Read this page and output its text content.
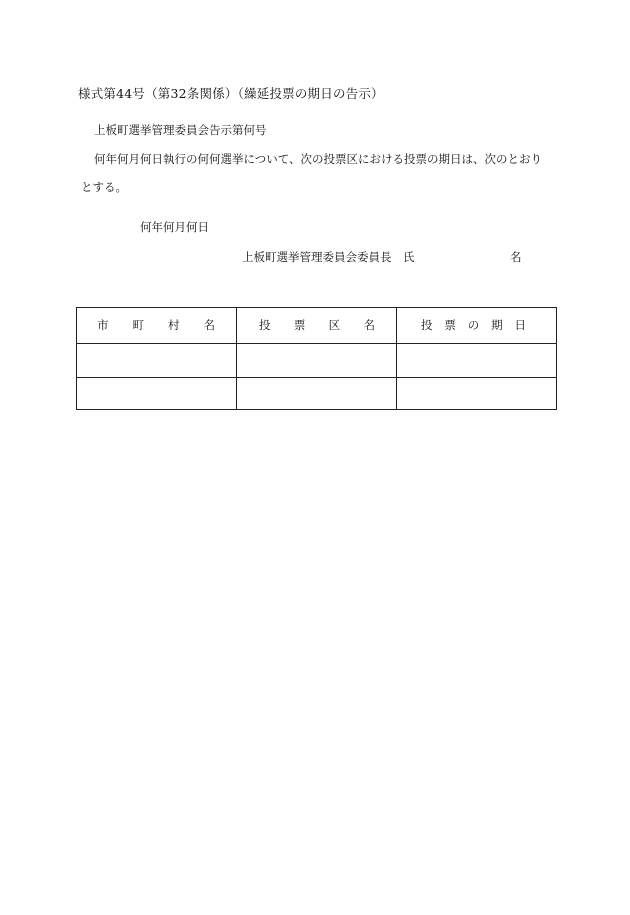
様式第44号（第32条関係）（繰延投票の期日の告示）
上板町選挙管理委員会告示第何号
何年何月何日執行の何何選挙について、次の投票区における投票の期日は、次のとおり
とする。
何年何月何日
上板町選挙管理委員会委員長　氏	名
市 町 村 名	投 票 区 名	投 票 の 期 日
